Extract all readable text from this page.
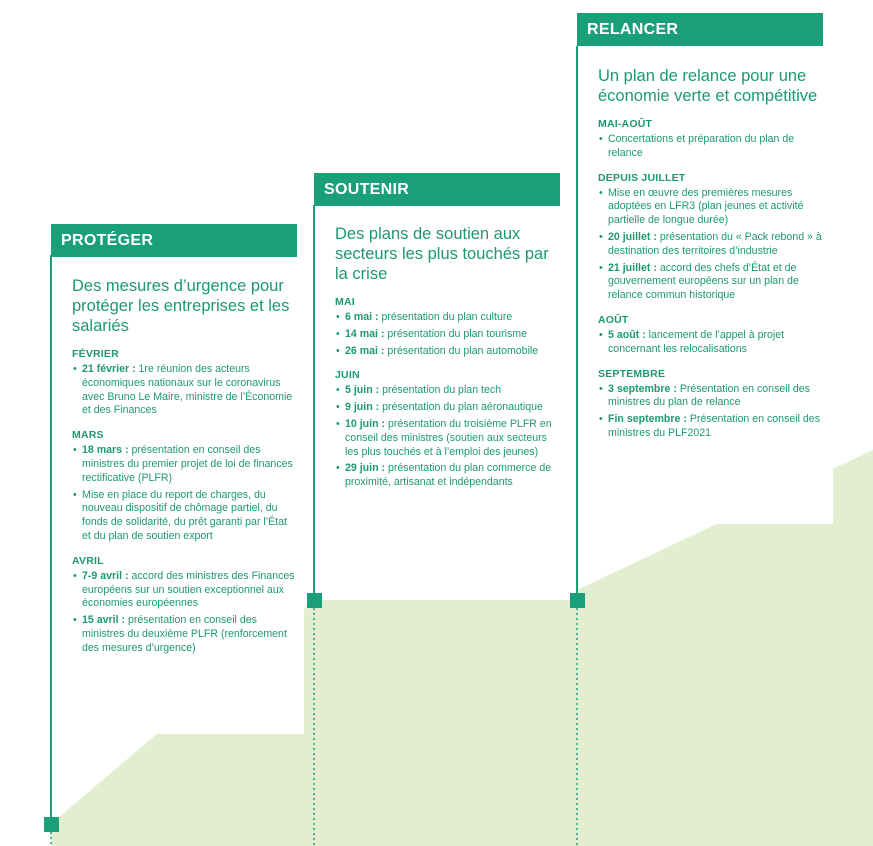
PROTÉGER
Des mesures d’urgence pour protéger les entreprises et les salariés
FÉVRIER
• 21 février : 1re réunion des acteurs économiques nationaux sur le coronavirus avec Bruno Le Maire, ministre de l’Économie et des Finances
MARS
• 18 mars : présentation en conseil des ministres du premier projet de loi de finances rectificative (PLFR)
• Mise en place du report de charges, du nouveau dispositif de chômage partiel, du fonds de solidarité, du prêt garanti par l’État et du plan de soutien export
AVRIL
• 7-9 avril : accord des ministres des Finances européens sur un soutien exceptionnel aux économies européennes
• 15 avril : présentation en conseil des ministres du deuxième PLFR (renforcement des mesures d’urgence)
SOUTENIR
Des plans de soutien aux secteurs les plus touchés par la crise
MAI
• 6 mai : présentation du plan culture
• 14 mai : présentation du plan tourisme
• 26 mai : présentation du plan automobile
JUIN
• 5 juin : présentation du plan tech
• 9 juin : présentation du plan aéronautique
• 10 juin : présentation du troisième PLFR en conseil des ministres (soutien aux secteurs les plus touchés et à l’emploi des jeunes)
• 29 juin : présentation du plan commerce de proximité, artisanat et indépendants
RELANCER
Un plan de relance pour une économie verte et compétitive
MAI-AOÛT
• Concertations et préparation du plan de relance
DEPUIS JUILLET
• Mise en œuvre des premières mesures adoptées en LFR3 (plan jeunes et activité partielle de longue durée)
• 20 juillet : présentation du « Pack rebond » à destination des territoires d’industrie
• 21 juillet : accord des chefs d’État et de gouvernement européens sur un plan de relance commun historique
AOÛT
• 5 août : lancement de l’appel à projet concernant les relocalisations
SEPTEMBRE
• 3 septembre : Présentation en conseil des ministres du plan de relance
• Fin septembre : Présentation en conseil des ministres du PLF2021
